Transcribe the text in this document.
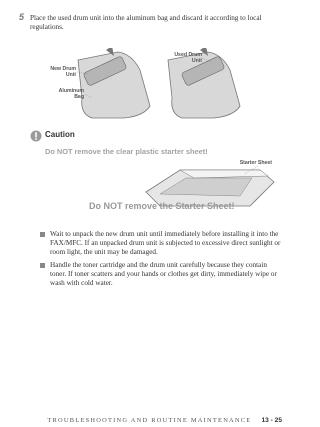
5 Place the used drum unit into the aluminum bag and discard it according to local regulations.
Used Drum
Unit
New Drum
Unit
Aluminum
Bag
Caution
Do NOT remove the clear plastic starter sheet!
Starter Sheet
Do NOT remove the Starter Sheet!
Wait to unpack the new drum unit until immediately before installing it into the FAX/MFC. If an unpacked drum unit is subjected to excessive direct sunlight or room light, the unit may be damaged.
Handle the toner cartridge and the drum unit carefully because they contain toner. If toner scatters and your hands or clothes get dirty, immediately wipe or wash with cold water.
TROUBLESHOOTING AND ROUTINE MAINTENANCE 13 - 25
